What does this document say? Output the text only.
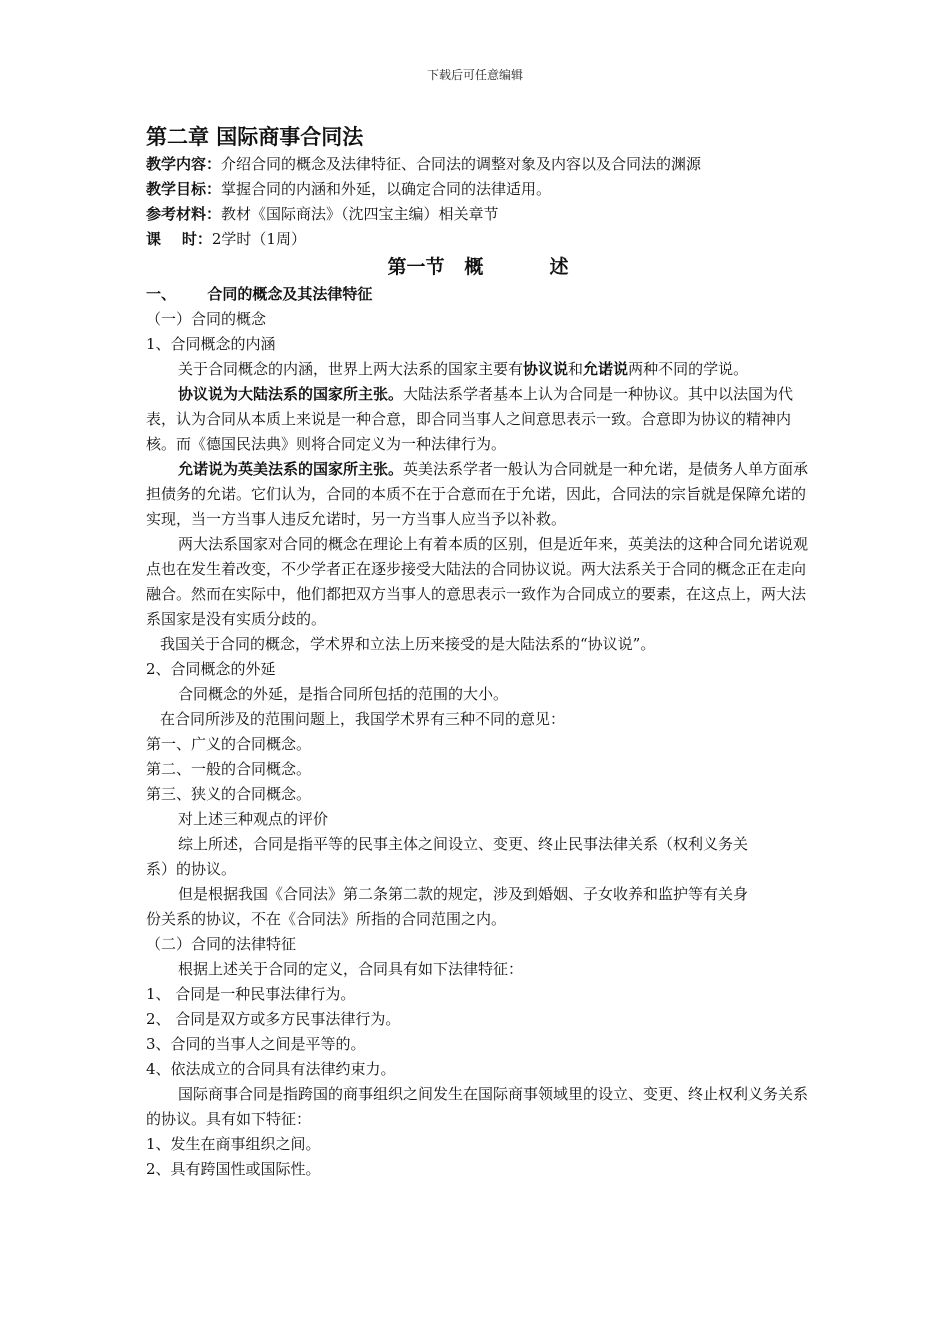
下载后可任意编辑

第二章 国际商事合同法

教学内容：介绍合同的概念及法律特征、合同法的调整对象及内容以及合同法的渊源

教学目标：掌握合同的内涵和外延，以确定合同的法律适用。

参考材料：教材《国际商法》（沈四宝主编）相关章节

课    时：2学时（1周）

第一节   概          述

一、      合同的概念及其法律特征

（一）合同的概念

1、合同概念的内涵

关于合同概念的内涵，世界上两大法系的国家主要有协议说和允诺说两种不同的学说。

协议说为大陆法系的国家所主张。大陆法系学者基本上认为合同是一种协议。其中以法国为代表，认为合同从本质上来说是一种合意，即合同当事人之间意思表示一致。合意即为协议的精神内核。而《德国民法典》则将合同定义为一种法律行为。

允诺说为英美法系的国家所主张。英美法系学者一般认为合同就是一种允诺，是债务人单方面承担债务的允诺。它们认为，合同的本质不在于合意而在于允诺，因此，合同法的宗旨就是保障允诺的实现，当一方当事人违反允诺时，另一方当事人应当予以补救。

两大法系国家对合同的概念在理论上有着本质的区别，但是近年来，英美法的这种合同允诺说观点也在发生着改变，不少学者正在逐步接受大陆法的合同协议说。两大法系关于合同的概念正在走向融合。然而在实际中，他们都把双方当事人的意思表示一致作为合同成立的要素，在这点上，两大法系国家是没有实质分歧的。

我国关于合同的概念，学术界和立法上历来接受的是大陆法系的“协议说”。

2、合同概念的外延

合同概念的外延，是指合同所包括的范围的大小。

在合同所涉及的范围问题上，我国学术界有三种不同的意见：

第一、广义的合同概念。

第二、一般的合同概念。

第三、狭义的合同概念。

对上述三种观点的评价

综上所述，合同是指平等的民事主体之间设立、变更、终止民事法律关系（权利义务关

系）的协议。

但是根据我国《合同法》第二条第二款的规定，涉及到婚姻、子女收养和监护等有关身

份关系的协议，不在《合同法》所指的合同范围之内。

（二）合同的法律特征

根据上述关于合同的定义，合同具有如下法律特征：

1、 合同是一种民事法律行为。

2、 合同是双方或多方民事法律行为。

3、合同的当事人之间是平等的。

4、依法成立的合同具有法律约束力。

国际商事合同是指跨国的商事组织之间发生在国际商事领域里的设立、变更、终止权利义务关系的协议。具有如下特征：

1、发生在商事组织之间。

2、具有跨国性或国际性。
